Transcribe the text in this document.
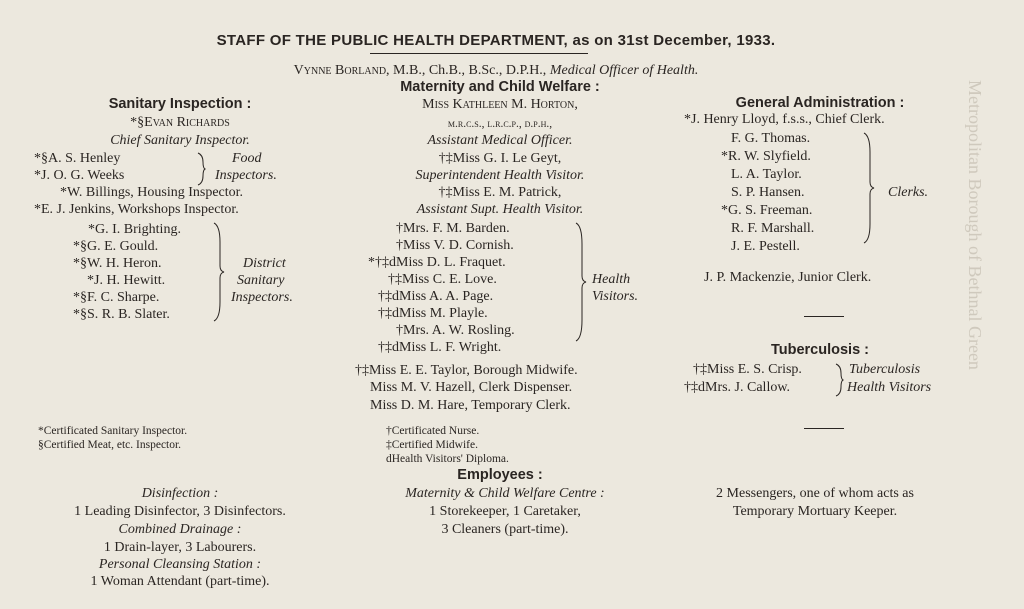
Metropolitan Borough of Bethnal Green
STAFF OF THE PUBLIC HEALTH DEPARTMENT, as on 31st December, 1933.
Vynne Borland, M.B., Ch.B., B.Sc., D.P.H., Medical Officer of Health.
Sanitary Inspection :
*§Evan Richards
Chief Sanitary Inspector.
*§A. S. Henley
*J. O. G. Weeks
Food
Inspectors.
*W. Billings, Housing Inspector.
*E. J. Jenkins, Workshops Inspector.
*G. I. Brighting.
*§G. E. Gould.
*§W. H. Heron.
*J. H. Hewitt.
*§F. C. Sharpe.
*§S. R. B. Slater.
District
Sanitary
Inspectors.
*Certificated Sanitary Inspector.
§Certified Meat, etc. Inspector.
Maternity and Child Welfare :
Miss Kathleen M. Horton,
m.r.c.s., l.r.c.p., d.p.h.,
Assistant Medical Officer.
†‡Miss G. I. Le Geyt,
Superintendent Health Visitor.
†‡Miss E. M. Patrick,
Assistant Supt. Health Visitor.
†Mrs. F. M. Barden.
†Miss V. D. Cornish.
*†‡dMiss D. L. Fraquet.
†‡Miss C. E. Love.
†‡dMiss A. A. Page.
†‡dMiss M. Playle.
†Mrs. A. W. Rosling.
†‡dMiss L. F. Wright.
Health
Visitors.
†‡Miss E. E. Taylor, Borough Midwife.
Miss M. V. Hazell, Clerk Dispenser.
Miss D. M. Hare, Temporary Clerk.
†Certificated Nurse.
‡Certified Midwife.
dHealth Visitors' Diploma.
General Administration :
*J. Henry Lloyd, f.s.s., Chief Clerk.
F. G. Thomas.
*R. W. Slyfield.
L. A. Taylor.
S. P. Hansen.
*G. S. Freeman.
R. F. Marshall.
J. E. Pestell.
Clerks.
J. P. Mackenzie, Junior Clerk.
Tuberculosis :
†‡Miss E. S. Crisp.
†‡dMrs. J. Callow.
Tuberculosis
Health Visitors
Employees :
Disinfection :
1 Leading Disinfector, 3 Disinfectors.
Combined Drainage :
1 Drain-layer, 3 Labourers.
Personal Cleansing Station :
1 Woman Attendant (part-time).
Maternity & Child Welfare Centre :
1 Storekeeper, 1 Caretaker,
3 Cleaners (part-time).
2 Messengers, one of whom acts as
Temporary Mortuary Keeper.
